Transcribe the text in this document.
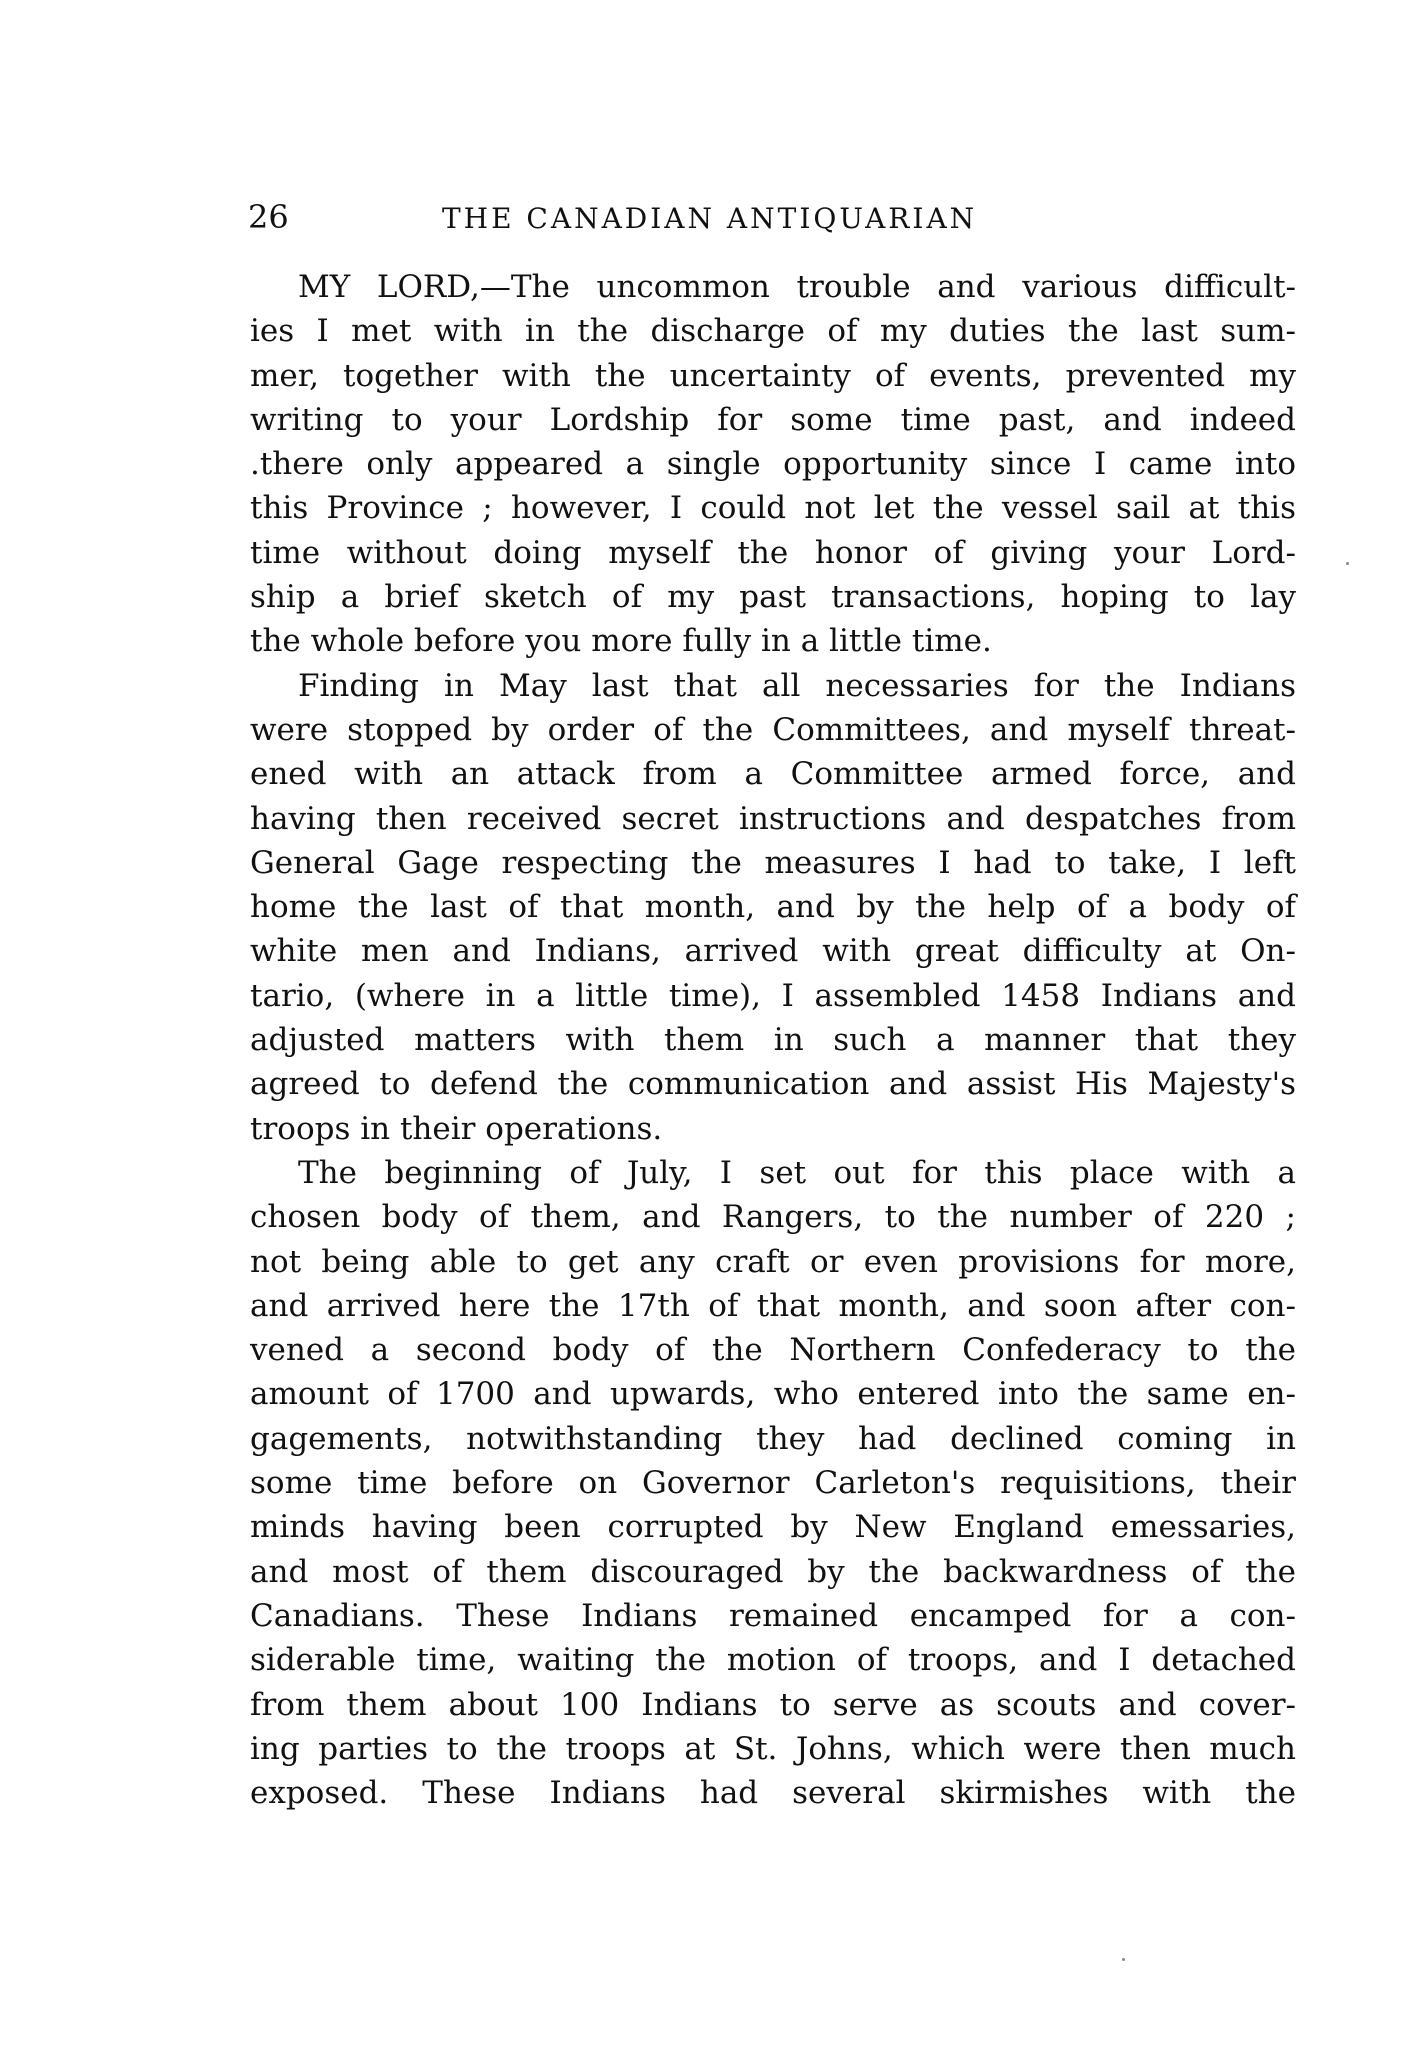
26	THE CANADIAN ANTIQUARIAN
MY LORD,—The uncommon trouble and various difficult-
ies I met with in the discharge of my duties the last sum-
mer, together with the uncertainty of events, prevented my
writing to your Lordship for some time past, and indeed
.there only appeared a single opportunity since I came into
this Province ; however, I could not let the vessel sail at this
time without doing myself the honor of giving your Lord-
ship a brief sketch of my past transactions, hoping to lay
the whole before you more fully in a little time.
Finding in May last that all necessaries for the Indians
were stopped by order of the Committees, and myself threat-
ened with an attack from a Committee armed force, and
having then received secret instructions and despatches from
General Gage respecting the measures I had to take, I left
home the last of that month, and by the help of a body of
white men and Indians, arrived with great difficulty at On-
tario, (where in a little time), I assembled 1458 Indians and
adjusted matters with them in such a manner that they
agreed to defend the communication and assist His Majesty's
troops in their operations.
The beginning of July, I set out for this place with a
chosen body of them, and Rangers, to the number of 220 ;
not being able to get any craft or even provisions for more,
and arrived here the 17th of that month, and soon after con-
vened a second body of the Northern Confederacy to the
amount of 1700 and upwards, who entered into the same en-
gagements, notwithstanding they had declined coming in
some time before on Governor Carleton's requisitions, their
minds having been corrupted by New England emessaries,
and most of them discouraged by the backwardness of the
Canadians. These Indians remained encamped for a con-
siderable time, waiting the motion of troops, and I detached
from them about 100 Indians to serve as scouts and cover-
ing parties to the troops at St. Johns, which were then much
exposed. These Indians had several skirmishes with the
